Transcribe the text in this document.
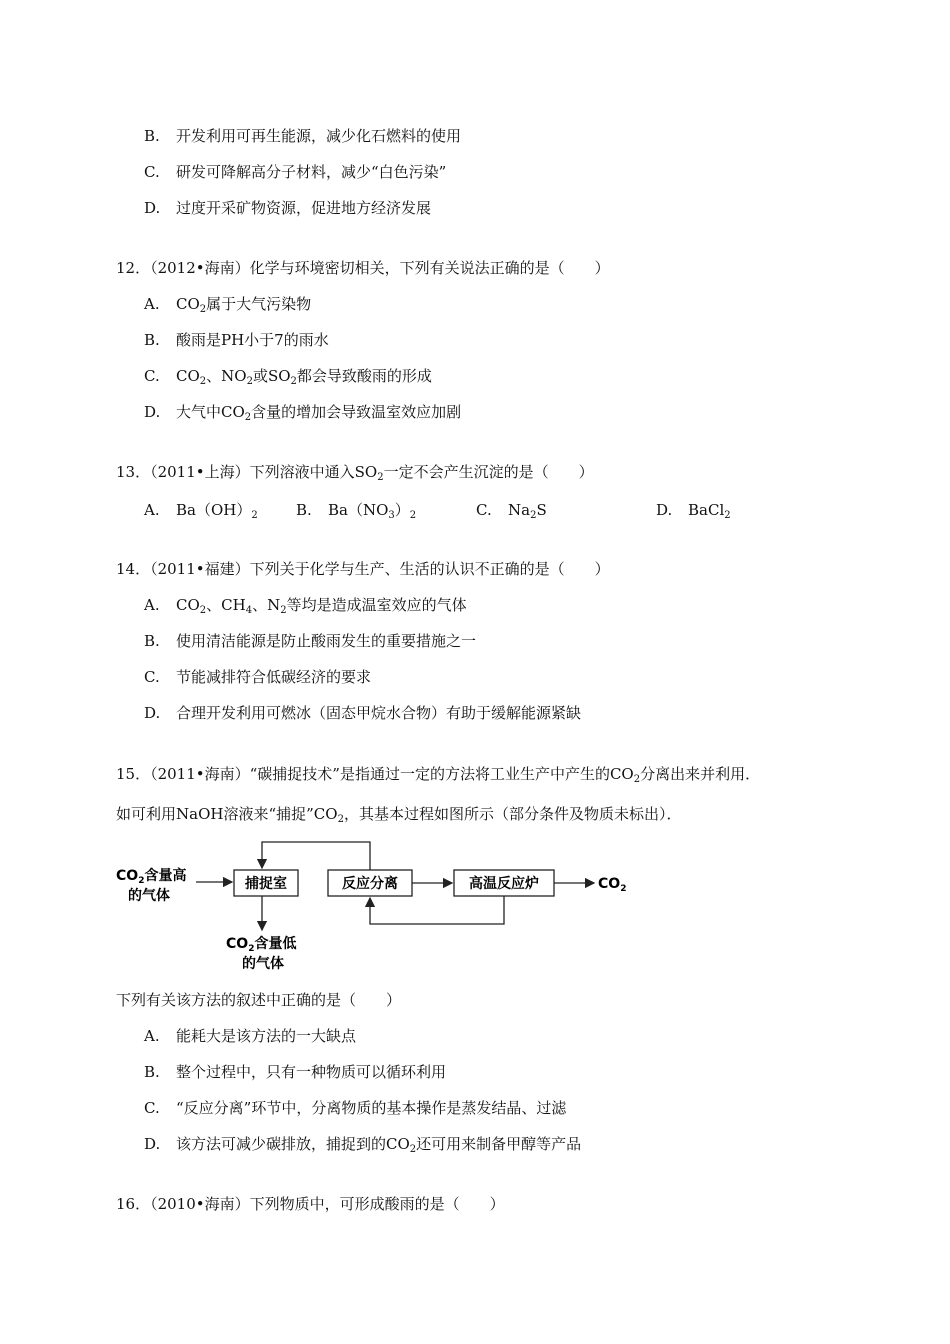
B. 开发利用可再生能源，减少化石燃料的使用
C. 研发可降解高分子材料，减少“白色污染”
D. 过度开采矿物资源，促进地方经济发展
12．（2012•海南）化学与环境密切相关，下列有关说法正确的是（　　）
A. $CO_2$属于大气污染物
B. 酸雨是PH小于7的雨水
C. $CO_2$、$NO_2$或$SO_2$都会导致酸雨的形成
D. 大气中$CO_2$含量的增加会导致温室效应加剧
13．（2011•上海）下列溶液中通入$SO_2$一定不会产生沉淀的是（　　）
A. $Ba(OH)_2$	B. $Ba(NO_3)_2$	C. $Na_2S$	D. BaCl$_2$
14．（2011•福建）下列关于化学与生产、生活的认识不正确的是（　　）
A. $CO_2$、$CH_4$、$N_2$等均是造成温室效应的气体
B. 使用清洁能源是防止酸雨发生的重要措施之一
C. 节能减排符合低碳经济的要求
D. 合理开发利用可燃冰（固态甲烷水合物）有助于缓解能源紧缺
15．（2011•海南）“碳捕捉技术”是指通过一定的方法将工业生产中产生的$CO_2$分离出来并利用．
如可利用NaOH溶液来“捕捉$”CO_2$，其基本过程如图所示（部分条件及物质未标出）．
$CO_2$含量高
的气体
捕捉室	反应分离	高温反应炉	$CO_2$
$CO_2$含量低
的气体
下列有关该方法的叙述中正确的是（　　）
A. 能耗大是该方法的一大缺点
B. 整个过程中，只有一种物质可以循环利用
C. “反应分离”环节中，分离物质的基本操作是蒸发结晶、过滤
D. 该方法可减少碳排放，捕捉到的$CO_2$还可用来制备甲醇等产品
16．（2010•海南）下列物质中，可形成酸雨的是（　　）
